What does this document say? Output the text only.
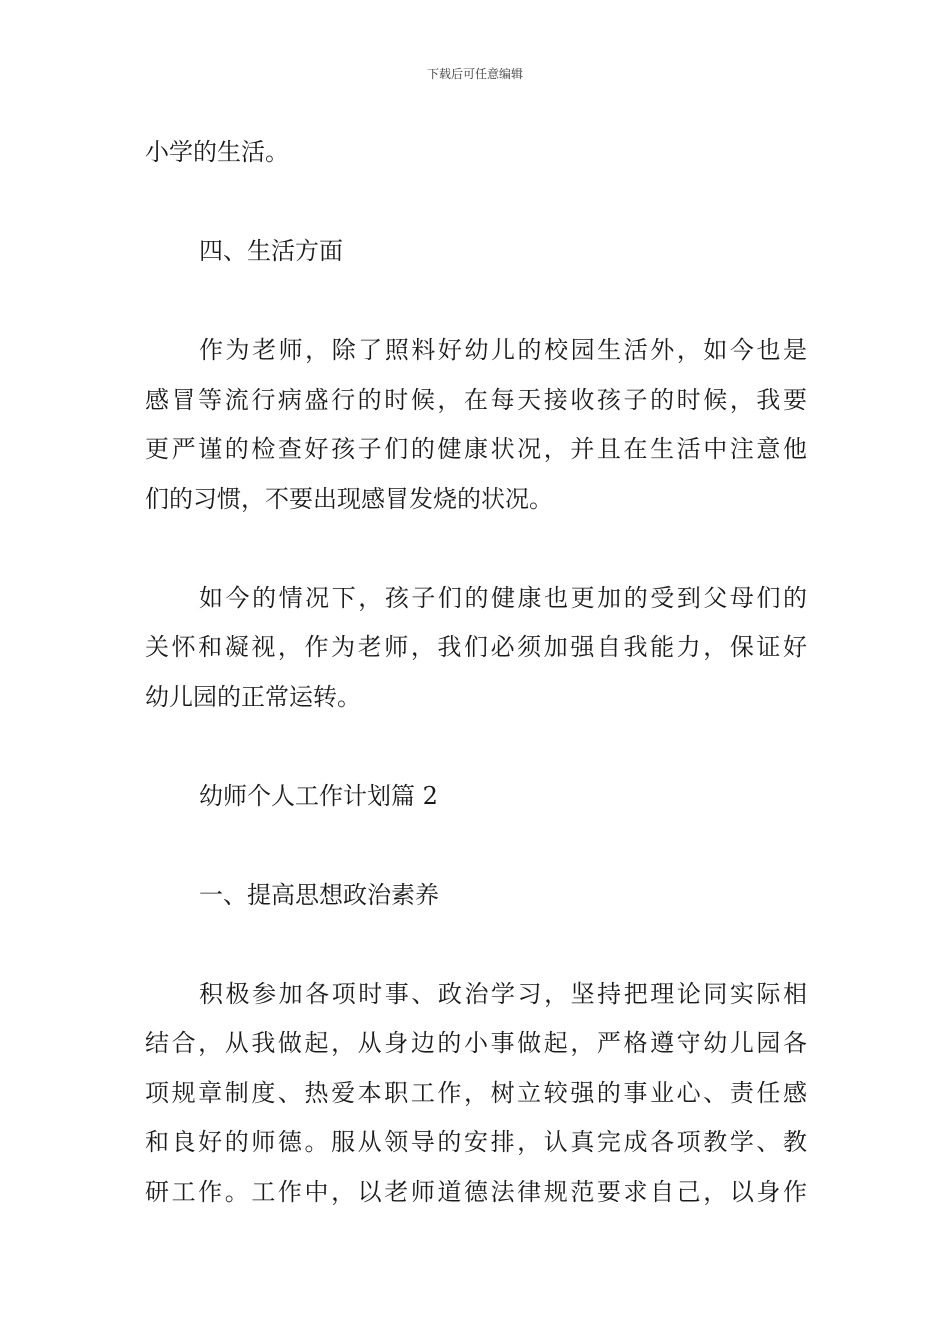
下载后可任意编辑
小学的生活。
四、生活方面
作为老师，除了照料好幼儿的校园生活外，如今也是
感冒等流行病盛行的时候，在每天接收孩子的时候，我要
更严谨的检查好孩子们的健康状况，并且在生活中注意他
们的习惯，不要出现感冒发烧的状况。
如今的情况下，孩子们的健康也更加的受到父母们的
关怀和凝视，作为老师，我们必须加强自我能力，保证好
幼儿园的正常运转。
幼师个人工作计划篇 2
一、提高思想政治素养
积极参加各项时事、政治学习，坚持把理论同实际相
结合，从我做起，从身边的小事做起，严格遵守幼儿园各
项规章制度、热爱本职工作，树立较强的事业心、责任感
和良好的师德。服从领导的安排，认真完成各项教学、教
研工作。工作中，以老师道德法律规范要求自己，以身作
